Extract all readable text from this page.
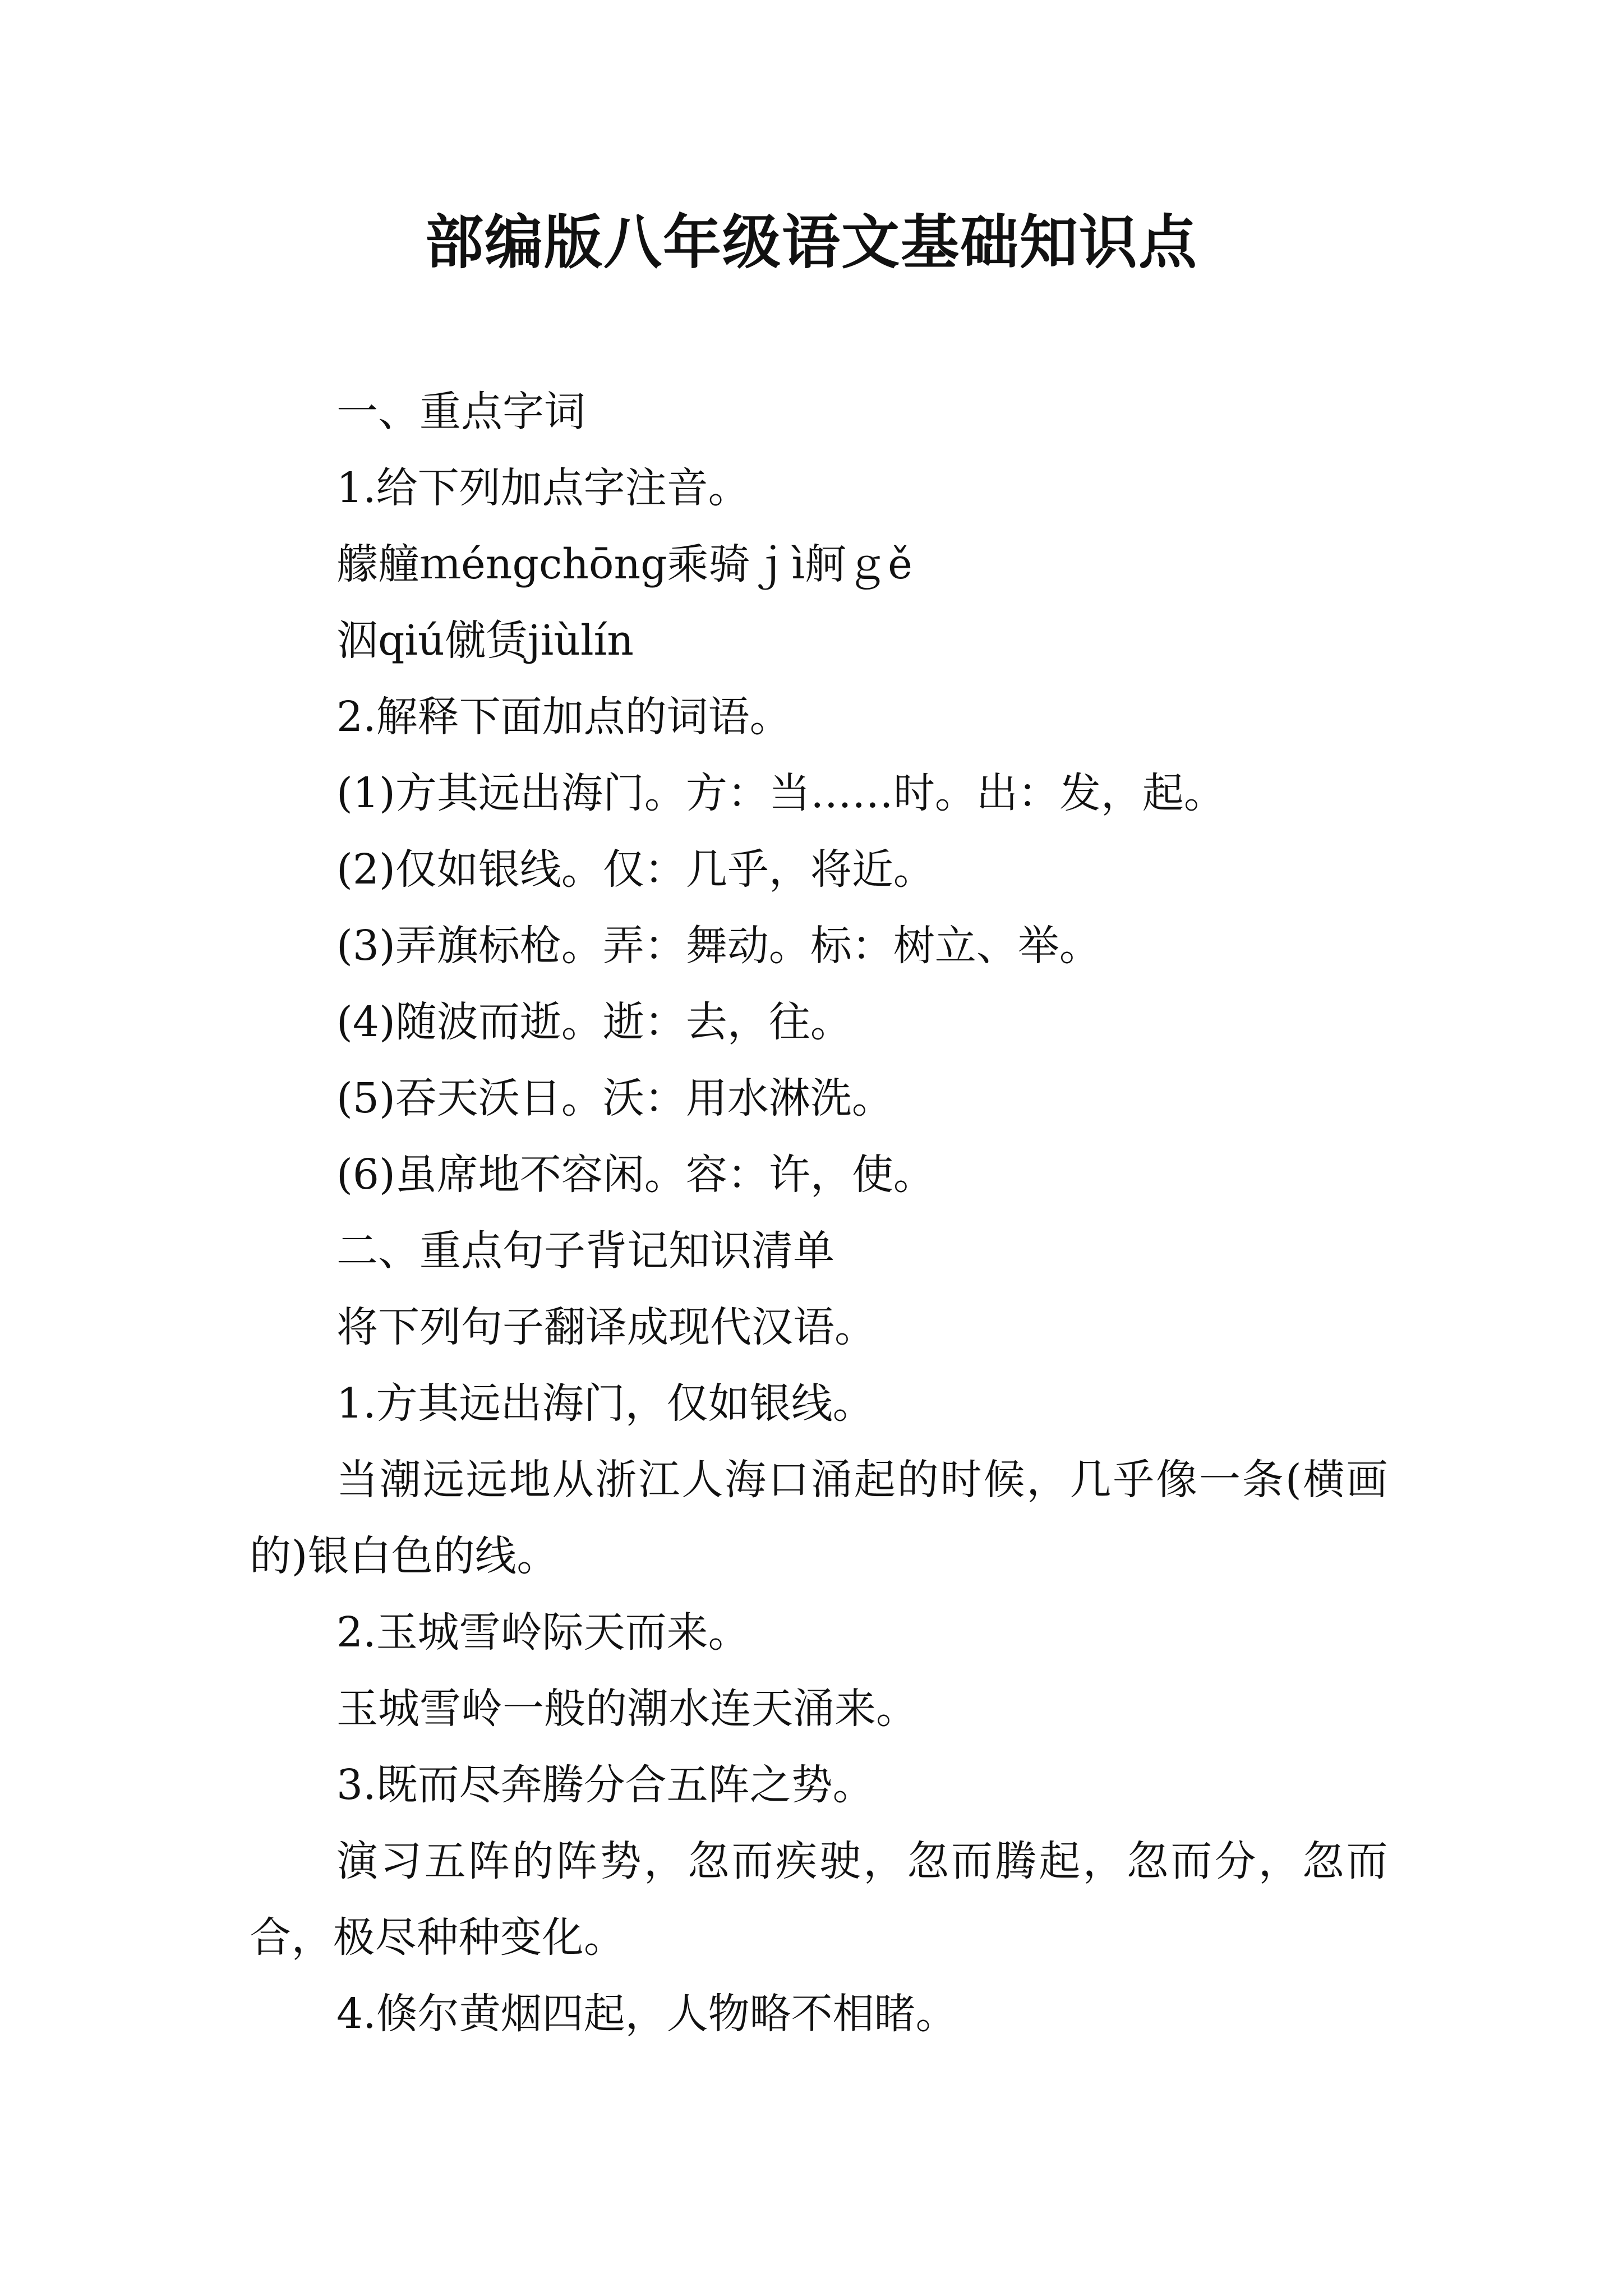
部编版八年级语文基础知识点

一、重点字词

1.给下列加点字注音。

艨艟ｍéngchōng乘骑ｊì舸ｇě

泅qiú僦赁jiùlín

2.解释下面加点的词语。

(1)方其远出海门。方：当……时。出：发，起。

(2)仅如银线。仅：几乎，将近。

(3)弄旗标枪。弄：舞动。标：树立、举。

(4)随波而逝。逝：去，往。

(5)吞天沃日。沃：用水淋洗。

(6)虽席地不容闲。容：许，使。

二、重点句子背记知识清单

将下列句子翻译成现代汉语。

1.方其远出海门，仅如银线。

当潮远远地从浙江人海口涌起的时候，几乎像一条(横画的)银白色的线。

2.玉城雪岭际天而来。

玉城雪岭一般的潮水连天涌来。

3.既而尽奔腾分合五阵之势。

演习五阵的阵势，忽而疾驶，忽而腾起，忽而分，忽而合，极尽种种变化。

4.倏尔黄烟四起，人物略不相睹。
